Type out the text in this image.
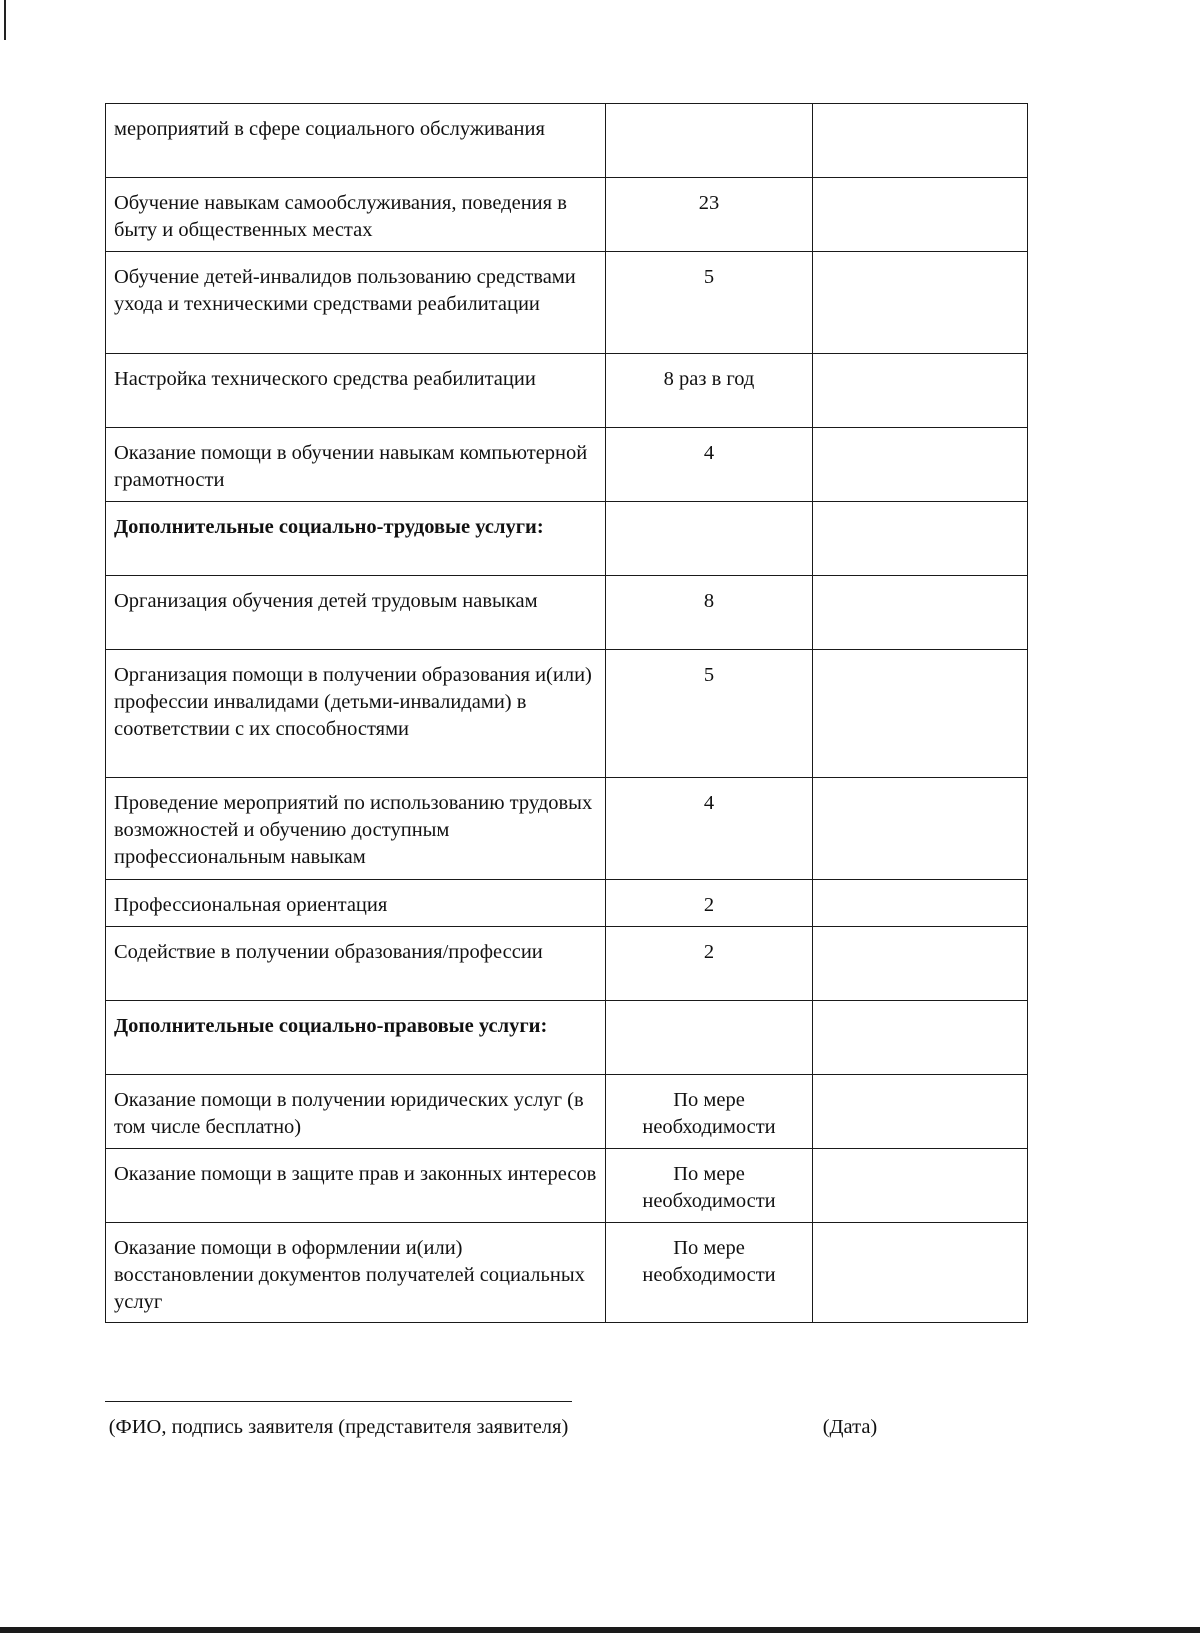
мероприятий в сфере социального обслуживания		
Обучение навыкам самообслуживания, поведения в быту и общественных местах	23	
Обучение детей-инвалидов пользованию средствами ухода и техническими средствами реабилитации	5	
Настройка технического средства реабилитации	8 раз в год	
Оказание помощи в обучении навыкам компьютерной грамотности	4	
Дополнительные социально-трудовые услуги:		
Организация обучения детей трудовым навыкам	8	
Организация помощи в получении образования и(или) профессии инвалидами (детьми-инвалидами) в соответствии с их способностями	5	
Проведение мероприятий по использованию трудовых возможностей и обучению доступным профессиональным навыкам	4	
Профессиональная ориентация	2	
Содействие в получении образования/профессии	2	
Дополнительные социально-правовые услуги:		
Оказание помощи в получении юридических услуг (в том числе бесплатно)	По мере необходимости	
Оказание помощи в защите прав и законных интересов	По мере необходимости	
Оказание помощи в оформлении и(или) восстановлении документов получателей социальных услуг	По мере необходимости	
(ФИО, подпись заявителя (представителя заявителя)	(Дата)
